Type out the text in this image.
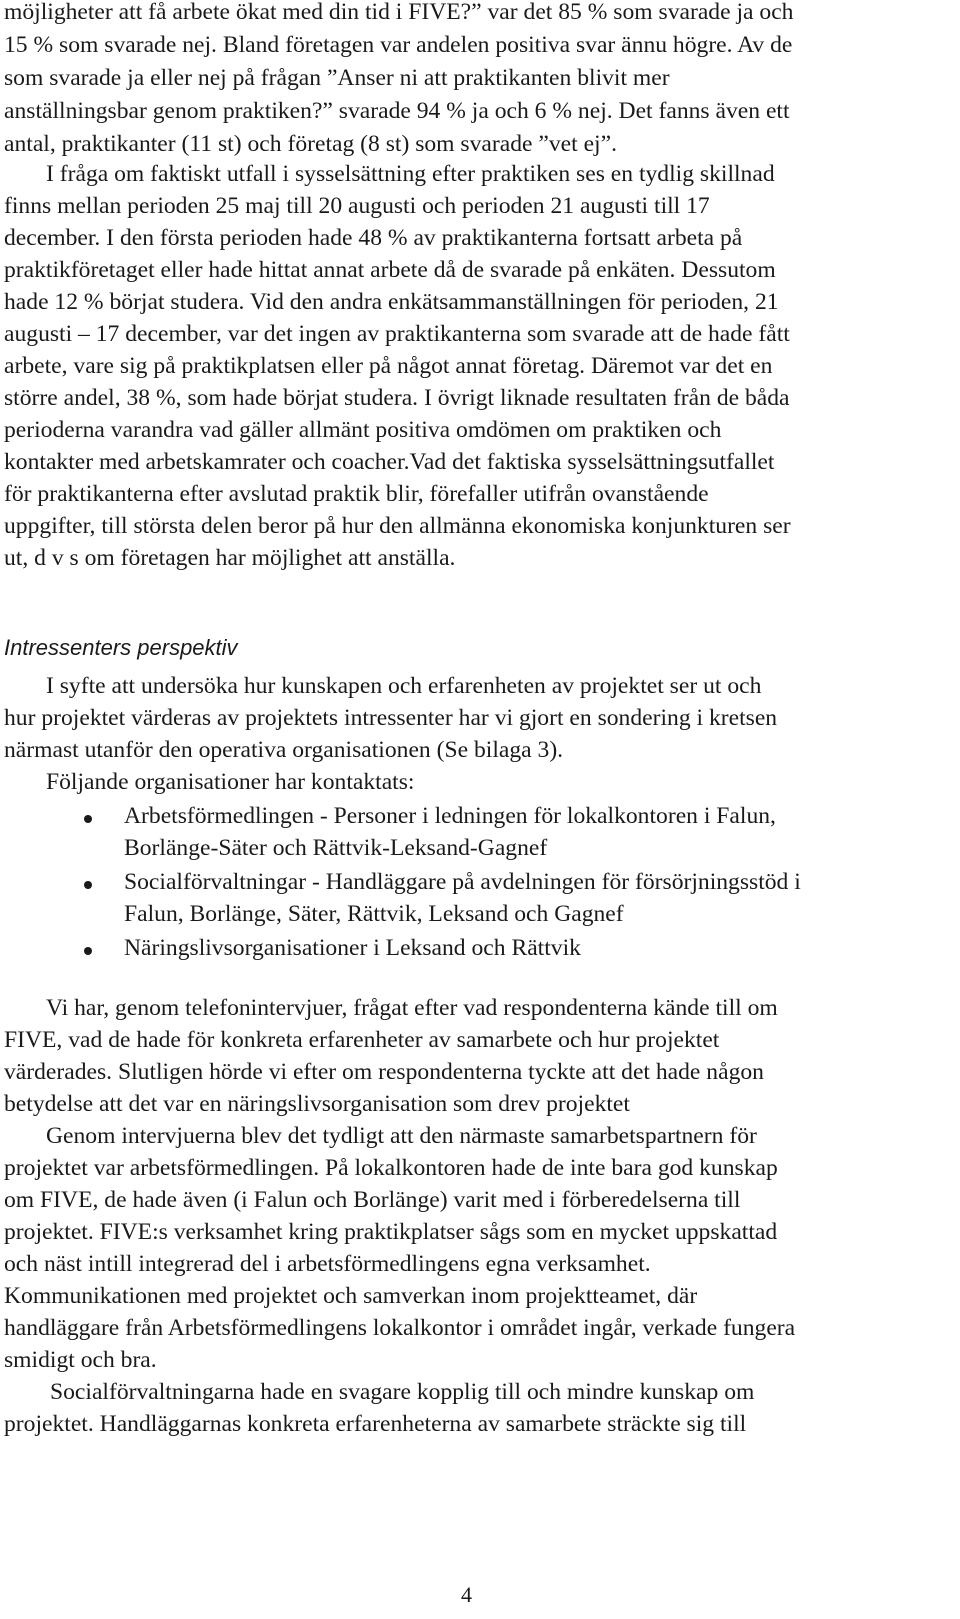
möjligheter att få arbete ökat med din tid i FIVE?” var det 85 % som svarade ja och
15 % som svarade nej. Bland företagen var andelen positiva svar ännu högre. Av de
som svarade ja eller nej på frågan ”Anser ni att praktikanten blivit mer
anställningsbar genom praktiken?” svarade 94 % ja och 6 % nej. Det fanns även ett
antal, praktikanter (11 st) och företag (8 st) som svarade ”vet ej”.
I fråga om faktiskt utfall i sysselsättning efter praktiken ses en tydlig skillnad
finns mellan perioden 25 maj till 20 augusti och perioden 21 augusti till 17
december. I den första perioden hade 48 % av praktikanterna fortsatt arbeta på
praktikföretaget eller hade hittat annat arbete då de svarade på enkäten. Dessutom
hade 12 % börjat studera. Vid den andra enkätsammanställningen för perioden, 21
augusti – 17 december, var det ingen av praktikanterna som svarade att de hade fått
arbete, vare sig på praktikplatsen eller på något annat företag. Däremot var det en
större andel, 38 %, som hade börjat studera. I övrigt liknade resultaten från de båda
perioderna varandra vad gäller allmänt positiva omdömen om praktiken och
kontakter med arbetskamrater och coacher.Vad det faktiska sysselsättningsutfallet
för praktikanterna efter avslutad praktik blir, förefaller utifrån ovanstående
uppgifter, till största delen beror på hur den allmänna ekonomiska konjunkturen ser
ut, d v s om företagen har möjlighet att anställa.
Intressenters perspektiv
I syfte att undersöka hur kunskapen och erfarenheten av projektet ser ut och
hur projektet värderas av projektets intressenter har vi gjort en sondering i kretsen
närmast utanför den operativa organisationen (Se bilaga 3).
Följande organisationer har kontaktats:
Arbetsförmedlingen - Personer i ledningen för lokalkontoren i Falun,
Borlänge-Säter och Rättvik-Leksand-Gagnef
Socialförvaltningar - Handläggare på avdelningen för försörjningsstöd i
Falun, Borlänge, Säter, Rättvik, Leksand och Gagnef
Näringslivsorganisationer i Leksand och Rättvik
Vi har, genom telefonintervjuer, frågat efter vad respondenterna kände till om
FIVE, vad de hade för konkreta erfarenheter av samarbete och hur projektet
värderades. Slutligen hörde vi efter om respondenterna tyckte att det hade någon
betydelse att det var en näringslivsorganisation som drev projektet
Genom intervjuerna blev det tydligt att den närmaste samarbetspartnern för
projektet var arbetsförmedlingen. På lokalkontoren hade de inte bara god kunskap
om FIVE, de hade även (i Falun och Borlänge) varit med i förberedelserna till
projektet. FIVE:s verksamhet kring praktikplatser sågs som en mycket uppskattad
och näst intill integrerad del i arbetsförmedlingens egna verksamhet.
Kommunikationen med projektet och samverkan inom projektteamet, där
handläggare från Arbetsförmedlingens lokalkontor i området ingår, verkade fungera
smidigt och bra.
Socialförvaltningarna hade en svagare kopplig till och mindre kunskap om
projektet. Handläggarnas konkreta erfarenheterna av samarbete sträckte sig till
4
